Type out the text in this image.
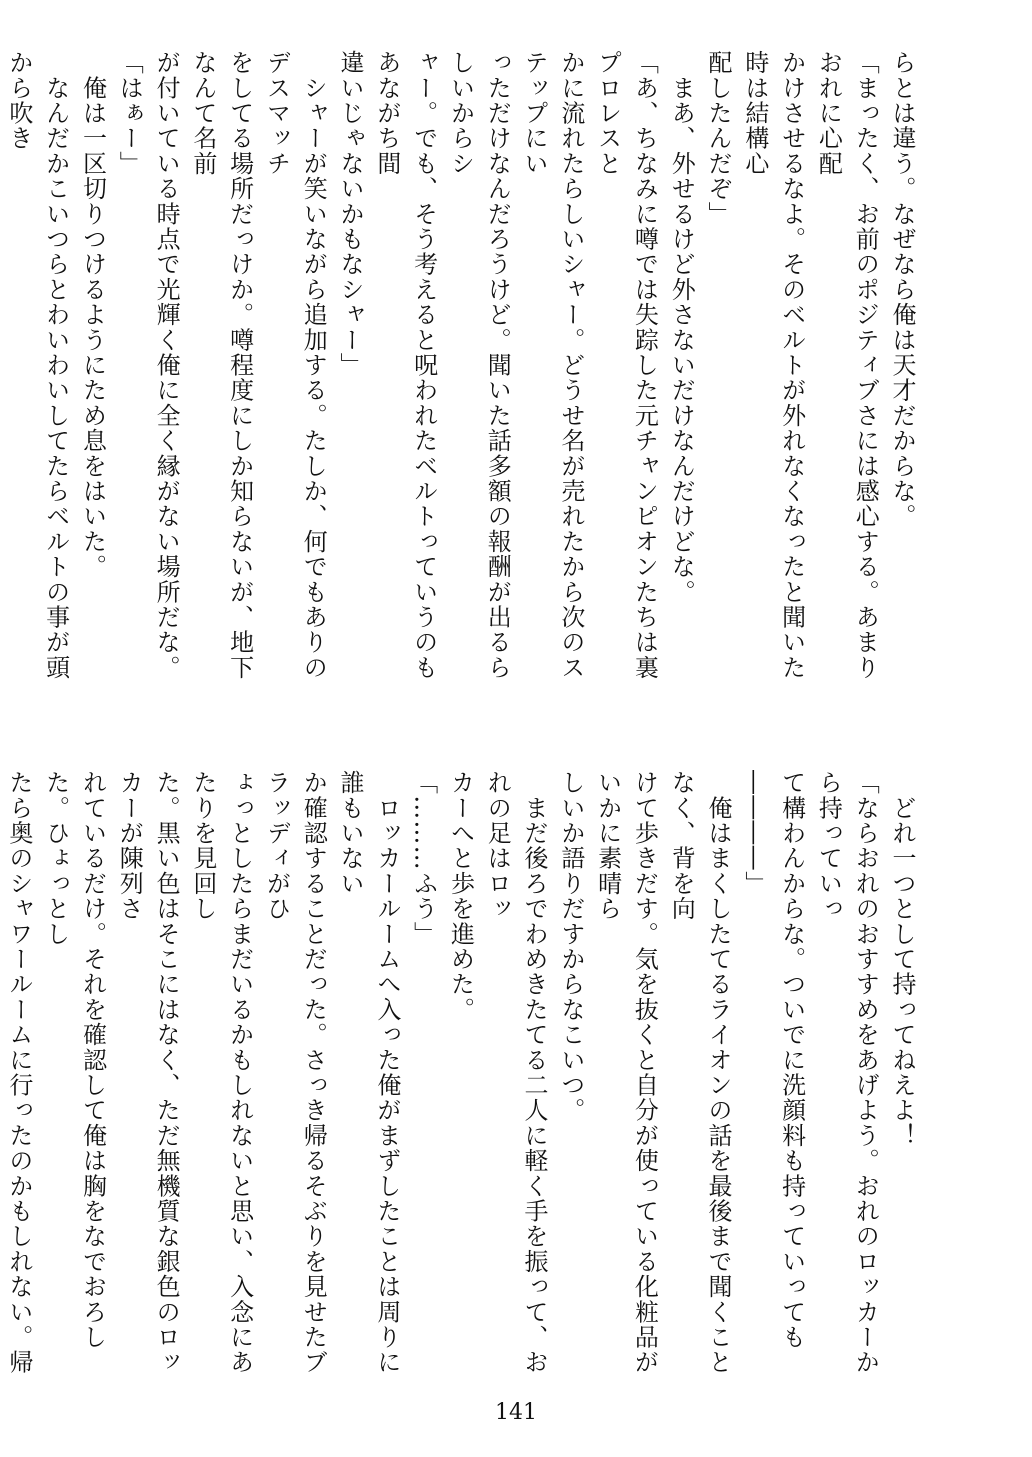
らとは違う。なぜなら俺は天才だからな。
「まったく、お前のポジティブさには感心する。あまりおれに心配
かけさせるなよ。そのベルトが外れなくなったと聞いた時は結構心
配したんだぞ」
　まあ、外せるけど外さないだけなんだけどな。
「あ、ちなみに噂では失踪した元チャンピオンたちは裏プロレスと
かに流れたらしいシャー。どうせ名が売れたから次のステップにい
っただけなんだろうけど。聞いた話多額の報酬が出るらしいからシ
ャー。でも、そう考えると呪われたベルトっていうのもあながち間
違いじゃないかもなシャー」
　シャーが笑いながら追加する。たしか、何でもありのデスマッチ
をしてる場所だっけか。噂程度にしか知らないが、地下なんて名前
が付いている時点で光輝く俺に全く縁がない場所だな。
「はぁー」
　俺は一区切りつけるようにため息をはいた。
　なんだかこいつらとわいわいしてたらベルトの事が頭から吹き

　どれ一つとして持ってねえよ！
「ならおれのおすすめをあげよう。おれのロッカーから持っていっ
て構わんからな。ついでに洗顔料も持っていっても――――」
　俺はまくしたてるライオンの話を最後まで聞くことなく、背を向
けて歩きだす。気を抜くと自分が使っている化粧品がいかに素晴ら
しいか語りだすからなこいつ。
　まだ後ろでわめきたてる二人に軽く手を振って、おれの足はロッ
カーへと歩を進めた。
「………ふう」
　ロッカールームへ入った俺がまずしたことは周りに誰もいない
か確認することだった。さっき帰るそぶりを見せたブラッディがひ
ょっとしたらまだいるかもしれないと思い、入念にあたりを見回し
た。黒い色はそこにはなく、ただ無機質な銀色のロッカーが陳列さ
れているだけ。それを確認して俺は胸をなでおろした。ひょっとし
たら奥のシャワールームに行ったのかもしれない。帰

141
